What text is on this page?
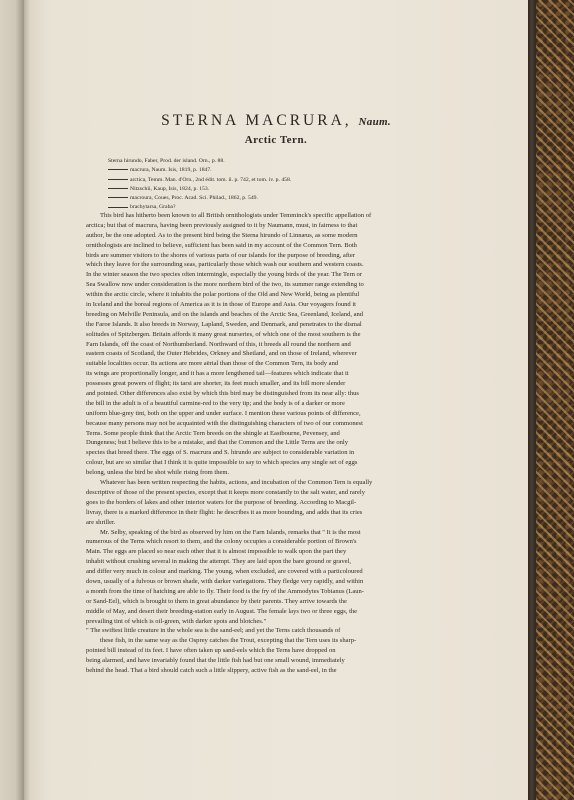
STERNA MACRURA, Naum.
Arctic Tern.
Sterna hirundo, Faber, Prod. der island. Orn., p. 88.
macrura, Naum. Isis, 1819, p. 1847.
arctica, Temm. Man. d'Orn., 2nd édit. tom. ii. p. 742, et tom. iv. p. 458.
Nitzschii, Kaup, Isis, 1824, p. 153.
macroura, Coues, Proc. Acad. Sci. Philad., 1862, p. 549.
brachytarsa, Graba?
This bird has hitherto been known to all British ornithologists under Temminck's specific appellation of
arctica; but that of macrura, having been previously assigned to it by Naumann, must, in fairness to that
author, be the one adopted. As to the present bird being the Sterna hirundo of Linnæus, as some modern
ornithologists are inclined to believe, sufficient has been said in my account of the Common Tern. Both
birds are summer visitors to the shores of various parts of our islands for the purpose of breeding, after
which they leave for the surrounding seas, particularly those which wash our southern and western coasts.
In the winter season the two species often intermingle, especially the young birds of the year. The Tern or
Sea Swallow now under consideration is the more northern bird of the two, its summer range extending to
within the arctic circle, where it inhabits the polar portions of the Old and New World, being as plentiful
in Iceland and the boreal regions of America as it is in those of Europe and Asia. Our voyagers found it
breeding on Melville Peninsula, and on the islands and beaches of the Arctic Sea, Greenland, Iceland, and
the Faroe Islands. It also breeds in Norway, Lapland, Sweden, and Denmark, and penetrates to the dismal
solitudes of Spitzbergen. Britain affords it many great nurseries, of which one of the most southern is the
Farn Islands, off the coast of Northumberland. Northward of this, it breeds all round the northern and
eastern coasts of Scotland, the Outer Hebrides, Orkney and Shetland, and on those of Ireland, wherever
suitable localities occur. Its actions are more aërial than those of the Common Tern, its body and
its wings are proportionally longer, and it has a more lengthened tail—features which indicate that it
possesses great powers of flight; its tarsi are shorter, its feet much smaller, and its bill more slender
and pointed. Other differences also exist by which this bird may be distinguished from its near ally: thus
the bill in the adult is of a beautiful carmine-red to the very tip; and the body is of a darker or more
uniform blue-grey tint, both on the upper and under surface. I mention these various points of difference,
because many persons may not be acquainted with the distinguishing characters of two of our commonest
Terns. Some people think that the Arctic Tern breeds on the shingle at Eastbourne, Pevensey, and
Dungeness; but I believe this to be a mistake, and that the Common and the Little Terns are the only
species that breed there. The eggs of S. macrura and S. hirundo are subject to considerable variation in
colour, but are so similar that I think it is quite impossible to say to which species any single set of eggs
belong, unless the bird be shot while rising from them.
Whatever has been written respecting the habits, actions, and incubation of the Common Tern is equally
descriptive of those of the present species, except that it keeps more constantly to the salt water, and rarely
goes to the borders of lakes and other interior waters for the purpose of breeding. According to Macgil-
livray, there is a marked difference in their flight: he describes it as more bounding, and adds that its cries
are shriller.
Mr. Selby, speaking of the bird as observed by him on the Farn Islands, remarks that " It is the most
numerous of the Terns which resort to them, and the colony occupies a considerable portion of Brown's
Main. The eggs are placed so near each other that it is almost impossible to walk upon the part they
inhabit without crushing several in making the attempt. They are laid upon the bare ground or gravel,
and differ very much in colour and marking. The young, when excluded, are covered with a particoloured
down, usually of a fulvous or brown shade, with darker variegations. They fledge very rapidly, and within
a month from the time of hatching are able to fly. Their food is the fry of the Ammodytes Tobianus (Laun-
or Sand-Eel), which is brought to them in great abundance by their parents. They arrive towards the
middle of May, and desert their breeding-station early in August. The female lays two or three eggs, the
prevailing tint of which is oil-green, with darker spots and blotches."
" The swiftest little creature in the whole sea is the sand-eel; and yet the Terns catch thousands of
these fish, in the same way as the Osprey catches the Trout, excepting that the Tern uses its sharp-
pointed bill instead of its feet. I have often taken up sand-eels which the Terns have dropped on
being alarmed, and have invariably found that the little fish had but one small wound, immediately
behind the head. That a bird should catch such a little slippery, active fish as the sand-eel, in the
